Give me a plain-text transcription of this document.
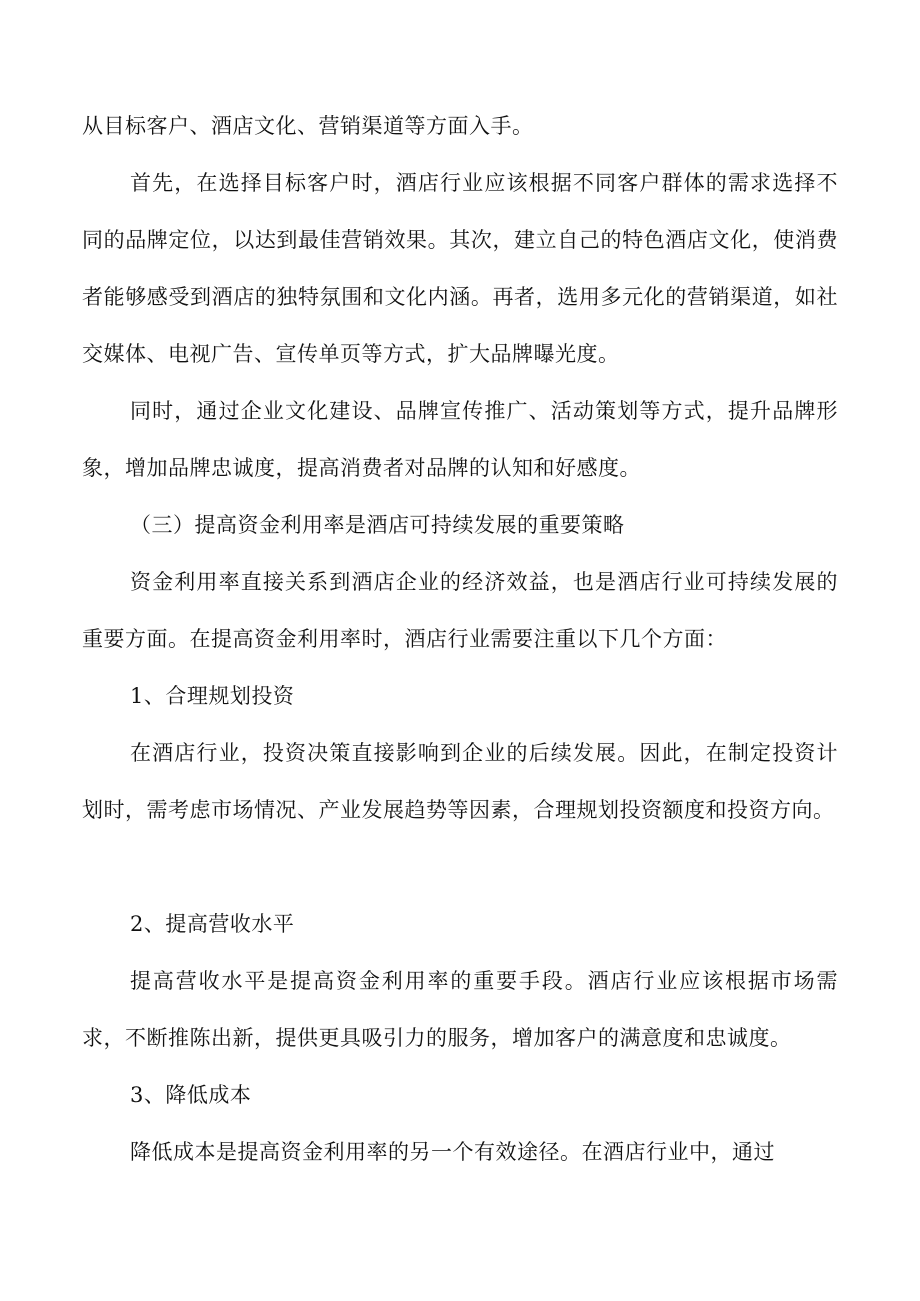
从目标客户、酒店文化、营销渠道等方面入手。

首先，在选择目标客户时，酒店行业应该根据不同客户群体的需求选择不同的品牌定位，以达到最佳营销效果。其次，建立自己的特色酒店文化，使消费者能够感受到酒店的独特氛围和文化内涵。再者，选用多元化的营销渠道，如社交媒体、电视广告、宣传单页等方式，扩大品牌曝光度。

同时，通过企业文化建设、品牌宣传推广、活动策划等方式，提升品牌形象，增加品牌忠诚度，提高消费者对品牌的认知和好感度。

（三）提高资金利用率是酒店可持续发展的重要策略

资金利用率直接关系到酒店企业的经济效益，也是酒店行业可持续发展的重要方面。在提高资金利用率时，酒店行业需要注重以下几个方面：

1、合理规划投资

在酒店行业，投资决策直接影响到企业的后续发展。因此，在制定投资计划时，需考虑市场情况、产业发展趋势等因素，合理规划投资额度和投资方向。

2、提高营收水平

提高营收水平是提高资金利用率的重要手段。酒店行业应该根据市场需求，不断推陈出新，提供更具吸引力的服务，增加客户的满意度和忠诚度。

3、降低成本

降低成本是提高资金利用率的另一个有效途径。在酒店行业中，通过
